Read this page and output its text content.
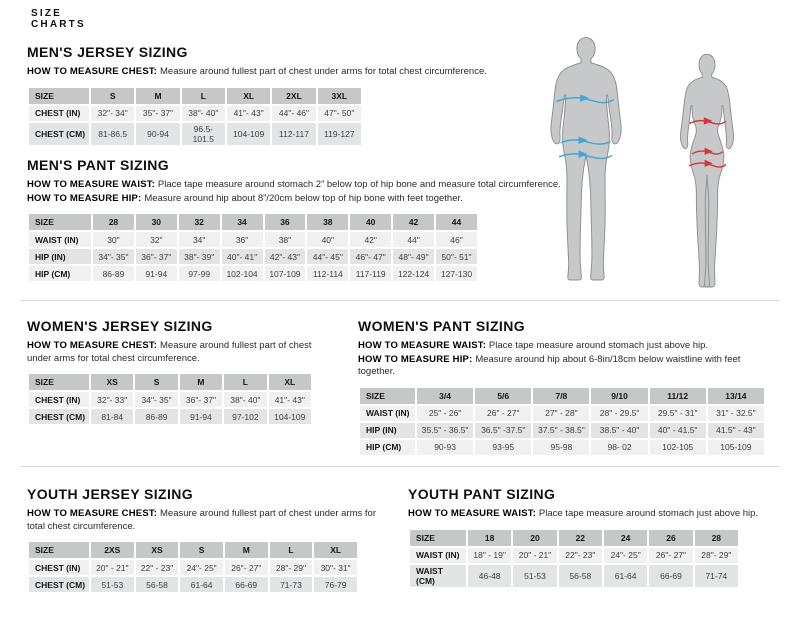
SIZE
CHARTS
MEN'S JERSEY SIZING

HOW TO MEASURE CHEST: Measure around fullest part of chest under arms for total chest circumference.

SIZE	S	M	L	XL	2XL	3XL
CHEST (IN)	32"- 34"	35"- 37"	38"- 40"	41"- 43"	44"- 46"	47"- 50"
CHEST (CM)	81-86.5	90-94	96.5-101.5	104-109	112-117	119-127
MEN'S PANT SIZING

HOW TO MEASURE WAIST: Place tape measure around stomach 2” below top of hip bone and measure total circumference.

HOW TO MEASURE HIP: Measure around hip about 8”/20cm below top of hip bone with feet together.

SIZE	28	30	32	34	36	38	40	42	44
WAIST (IN)	30"	32"	34"	36"	38"	40"	42"	44"	46"
HIP (IN)	34"- 35"	36"- 37"	38"- 39"	40"- 41"	42"- 43"	44"- 45"	46"- 47"	48"- 49"	50"- 51"
HIP (CM)	86-89	91-94	97-99	102-104	107-109	112-114	117-119	122-124	127-130
WOMEN'S JERSEY SIZING

HOW TO MEASURE CHEST: Measure around fullest part of chest under arms for total chest circumference.

SIZE	XS	S	M	L	XL
CHEST (IN)	32"- 33"	34"- 35"	36"- 37"	38"- 40"	41"- 43"
CHEST (CM)	81-84	86-89	91-94	97-102	104-109
WOMEN'S PANT SIZING

HOW TO MEASURE WAIST: Place tape measure around stomach just above hip.

HOW TO MEASURE HIP: Measure around hip about 6-8in/18cm below waistline with feet together.

SIZE	3/4	5/6	7/8	9/10	11/12	13/14
WAIST (IN)	25" - 26"	26" - 27"	27" - 28"	28" - 29.5"	29.5" - 31"	31" - 32.5"
HIP (IN)	35.5" - 36.5"	36.5" -37.5"	37.5" - 38.5"	38.5" - 40"	40" - 41.5"	41.5" - 43"
HIP (CM)	90-93	93-95	95-98	98- 02	102-105	105-109
YOUTH JERSEY SIZING

HOW TO MEASURE CHEST: Measure around fullest part of chest under arms for total chest circumference.

SIZE	2XS	XS	S	M	L	XL
CHEST (IN)	20" - 21"	22" - 23"	24"- 25"	26"- 27"	28"- 29"	30"- 31"
CHEST (CM)	51-53	56-58	61-64	66-69	71-73	76-79
YOUTH PANT SIZING

HOW TO MEASURE WAIST: Place tape measure around stomach just above hip.

SIZE	18	20	22	24	26	28
WAIST (IN)	18" - 19"	20" - 21"	22"- 23"	24"- 25"	26"- 27"	28"- 29"
WAIST (CM)	46-48	51-53	56-58	61-64	66-69	71-74
